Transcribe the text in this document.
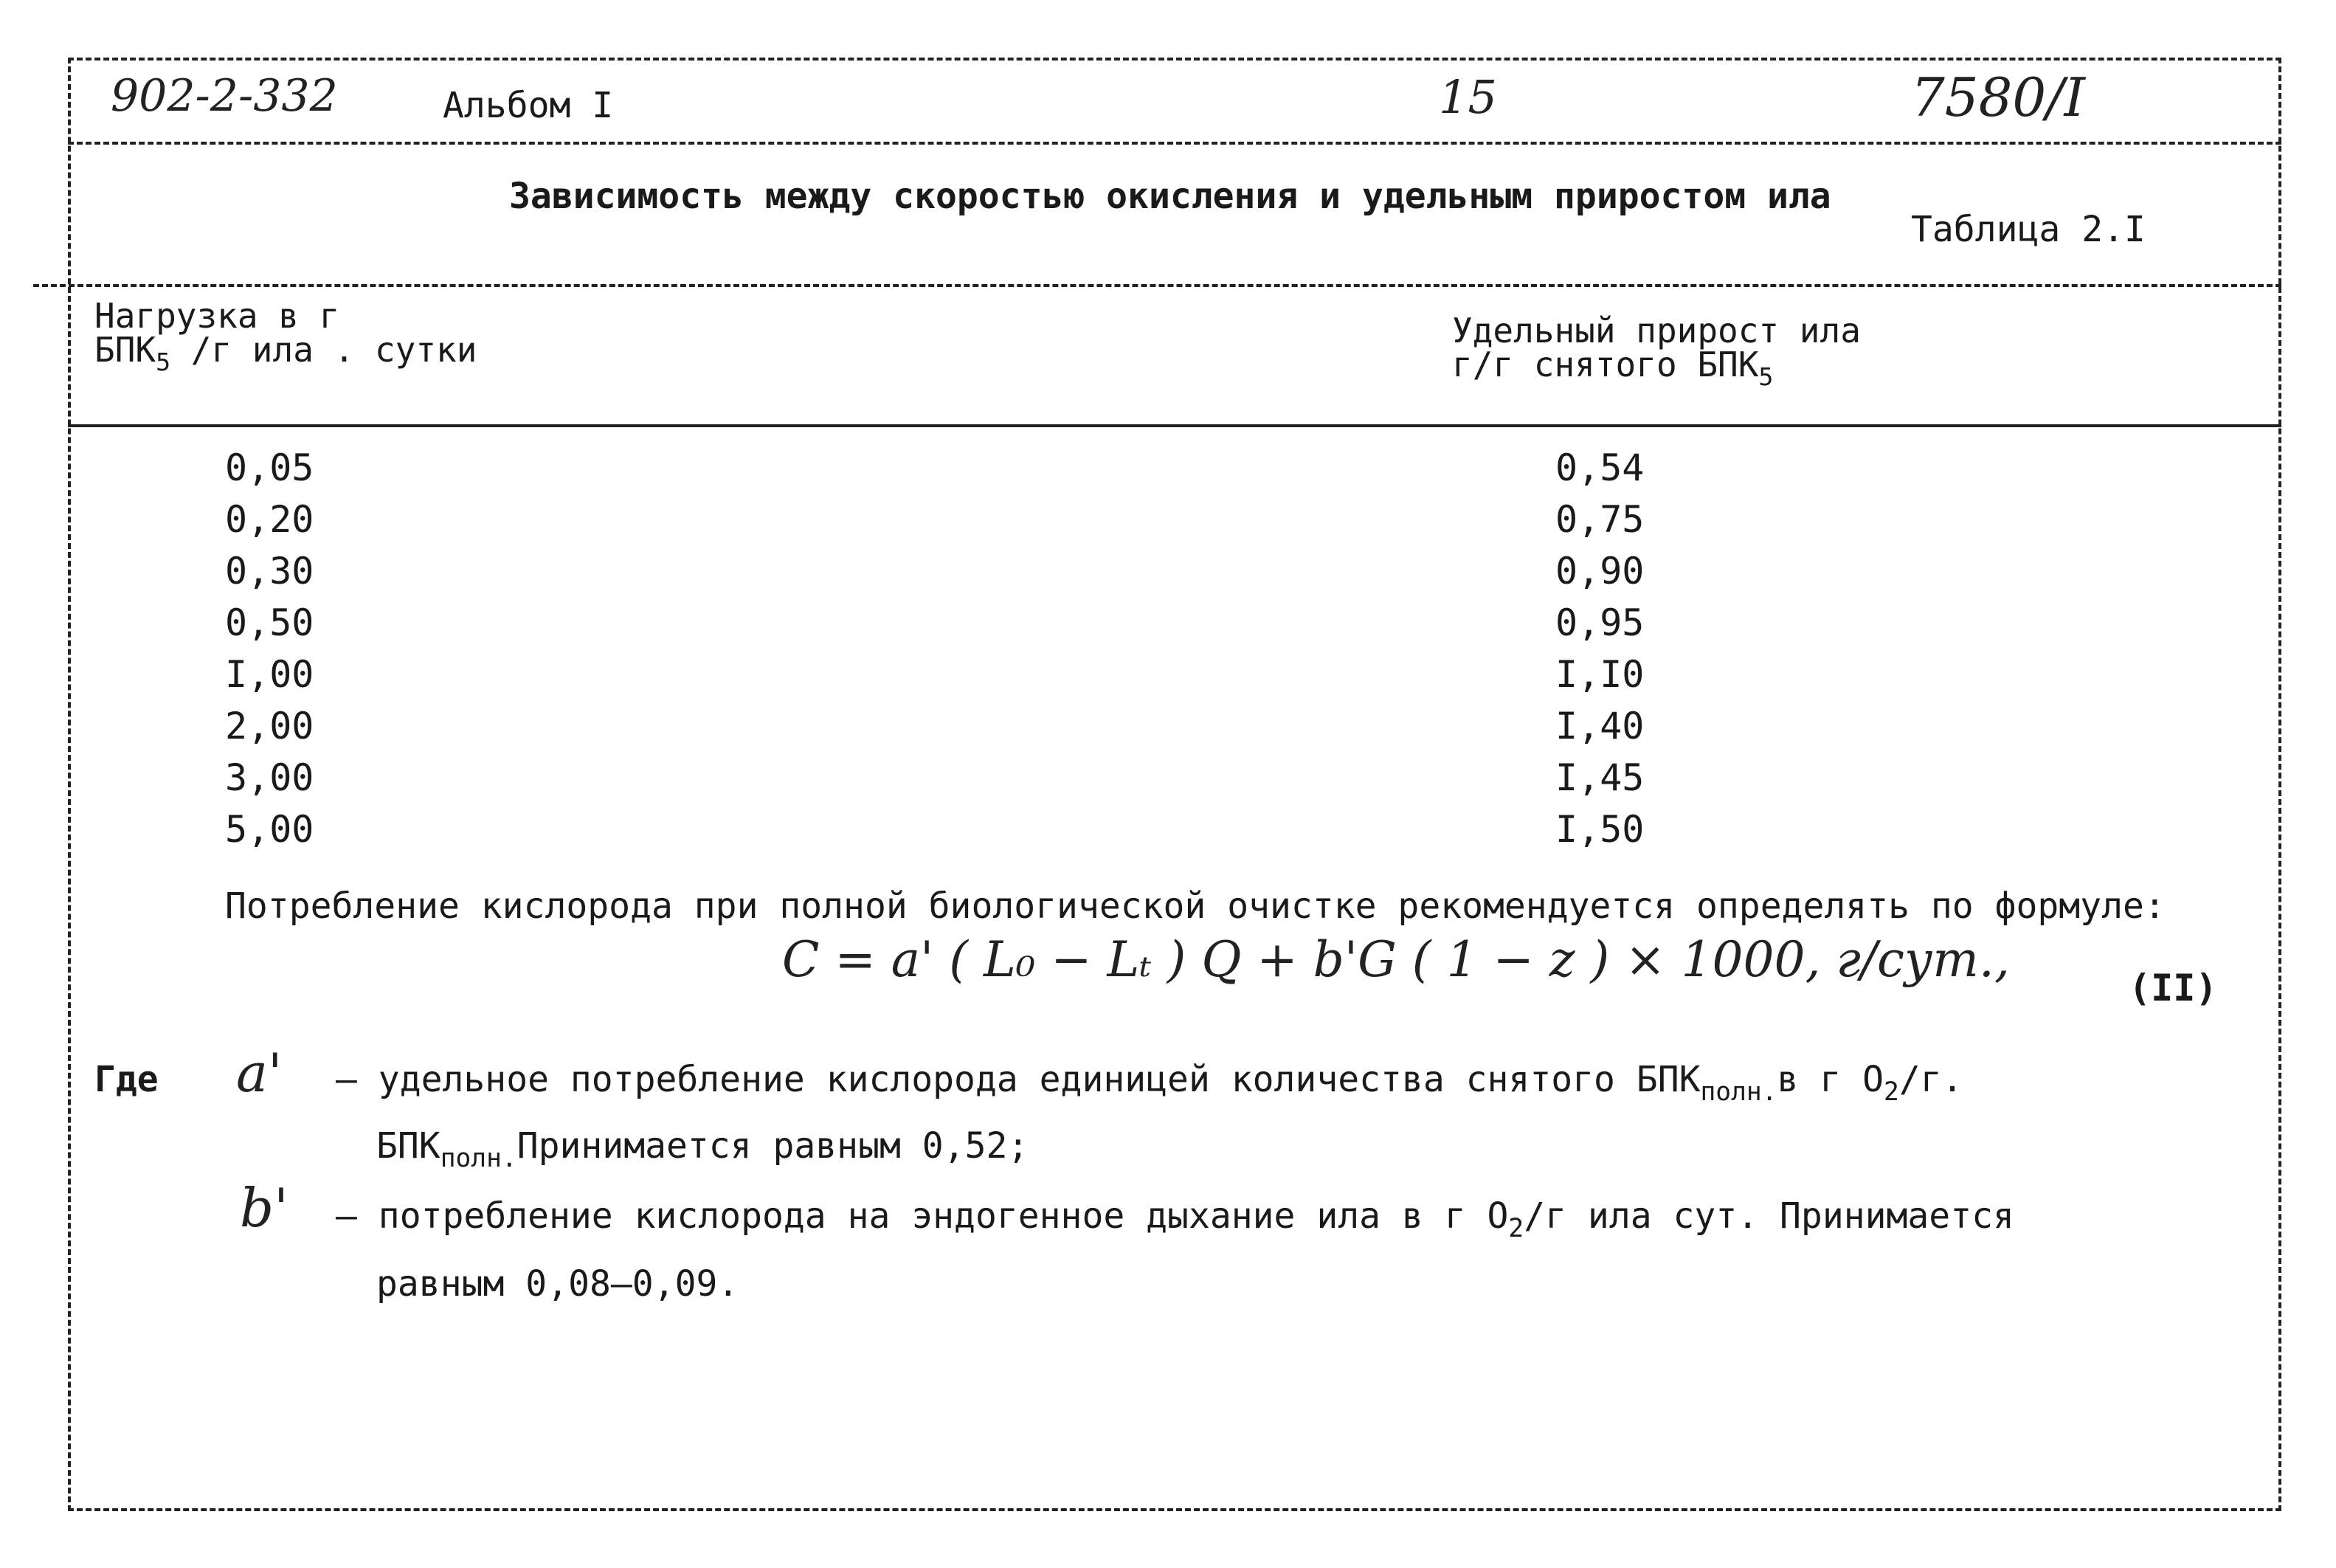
902-2-332	Альбом I	15	7580/I
Зависимость между скоростью окисления и удельным приростом ила
Таблица 2.I
Нагрузка в г
$БПК_5$ /г ила . сутки	Удельный прирост ила
г/г снятого $БПК_5$
0,05	0,54
0,20	0,75
0,30	0,90
0,50	0,95
I,00	I,I0
2,00	I,40
3,00	I,45
5,00	I,50
Потребление кислорода при полной биологической очистке рекомендуется определять по формуле:
C = a' ( L₀ − Lₜ ) Q + b'G ( 1 − z ) × 1000, г/сут.,	(II)
Где a' – удельное потребление кислорода единицей количества снятого $БПК_{полн.}в$ г $O_2/г$.
$БПК_{полн.}Принимается$ равным 0,52;
b' – потребление кислорода на эндогенное дыхание ила в г $O_2/г$ ила сут. Принимается
равным 0,08–0,09.
